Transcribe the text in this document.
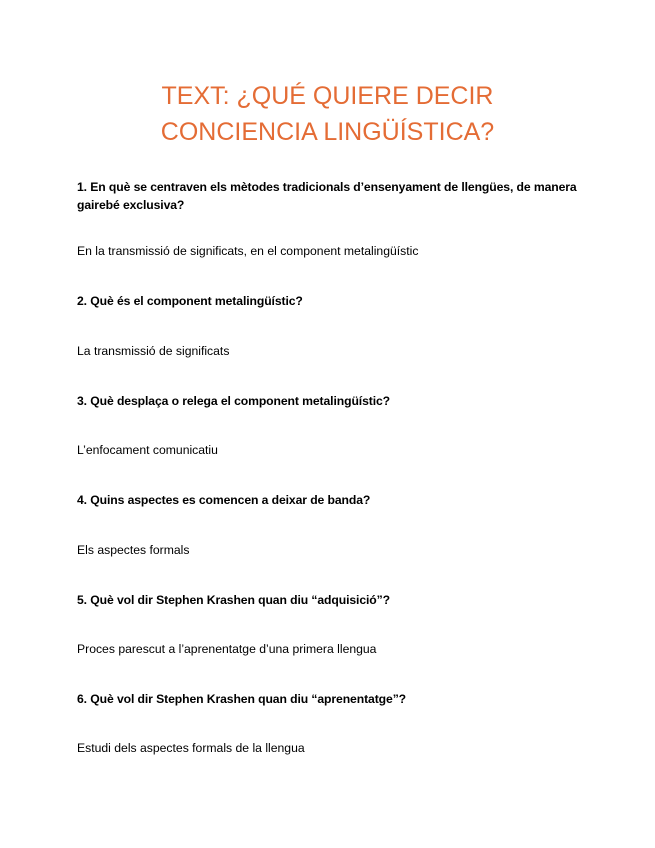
TEXT: ¿QUÉ QUIERE DECIR
CONCIENCIA LINGÜÍSTICA?

1. En què se centraven els mètodes tradicionals d’ensenyament de llengües, de manera gairebé exclusiva?

En la transmissió de significats, en el component metalingüístic

2. Què és el component metalingüístic?

La transmissió de significats

3. Què desplaça o relega el component metalingüístic?

L’enfocament comunicatiu

4. Quins aspectes es comencen a deixar de banda?

Els aspectes formals

5. Què vol dir Stephen Krashen quan diu “adquisició”?

Proces parescut a l’aprenentatge d’una primera llengua

6. Què vol dir Stephen Krashen quan diu “aprenentatge”?

Estudi dels aspectes formals de la llengua
